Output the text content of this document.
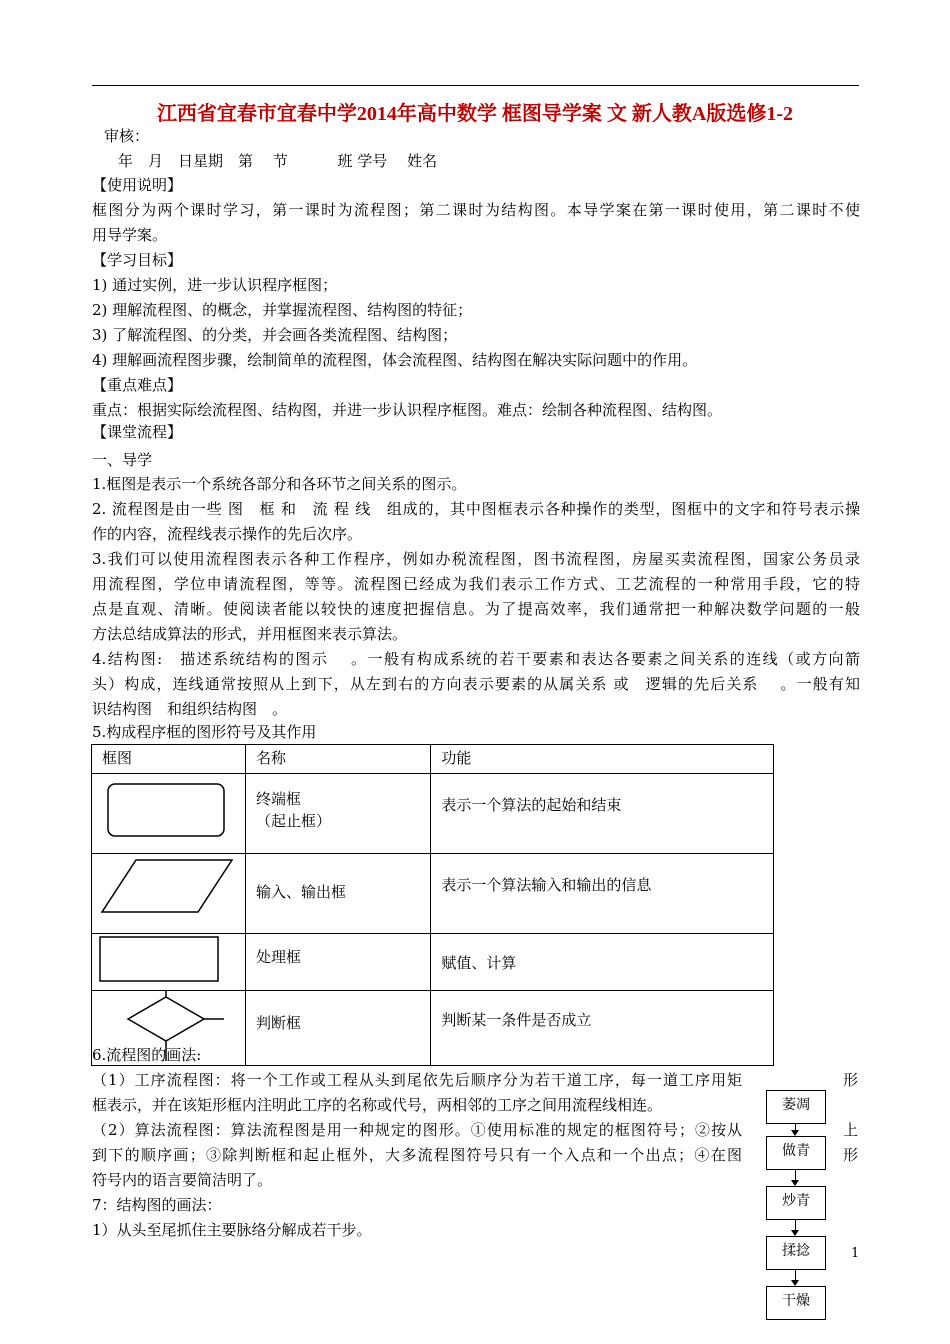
江西省宜春市宜春中学2014年高中数学 框图导学案 文 新人教A版选修1-2
审核：
年　月　日星期　第　 节　　　 班 学号　 姓名
【使用说明】
框图分为两个课时学习，第一课时为流程图；第二课时为结构图。本导学案在第一课时使用，第二课时不使
用导学案。
【学习目标】
1) 通过实例，进一步认识程序框图；
2) 理解流程图、的概念，并掌握流程图、结构图的特征；
3) 了解流程图、的分类，并会画各类流程图、结构图；
4) 理解画流程图步骤，绘制简单的流程图，体会流程图、结构图在解决实际问题中的作用。
【重点难点】
重点：根据实际绘流程图、结构图，并进一步认识程序框图。难点：绘制各种流程图、结构图。
【课堂流程】
一、导学
1.框图是表示一个系统各部分和各环节之间关系的图示。
2. 流程图是由一些 图　框 和　流 程 线　组成的，其中图框表示各种操作的类型，图框中的文字和符号表示操
作的内容，流程线表示操作的先后次序。
3.我们可以使用流程图表示各种工作程序，例如办税流程图，图书流程图，房屋买卖流程图，国家公务员录
用流程图，学位申请流程图，等等。流程图已经成为我们表示工作方式、工艺流程的一种常用手段，它的特
点是直观、清晰。使阅读者能以较快的速度把握信息。为了提高效率，我们通常把一种解决数学问题的一般
方法总结成算法的形式，并用框图来表示算法。
4.结构图:　描述系统结构的图示　 。一般有构成系统的若干要素和表达各要素之间关系的连线（或方向箭
头）构成，连线通常按照从上到下，从左到右的方向表示要素的从属关系 或　逻辑的先后关系　 。一般有知
识结构图　和组织结构图　。
5.构成程序框的图形符号及其作用
框图	名称	功能

终端框
（起止框）	表示一个算法的起始和结束

输入、输出框	表示一个算法输入和输出的信息

处理框	赋值、计算

判断框	判断某一条件是否成立
6.流程图的画法:
（1）工序流程图：将一个工作或工程从头到尾依先后顺序分为若干道工序，每一道工序用矩	形
框表示，并在该矩形框内注明此工序的名称或代号，两相邻的工序之间用流程线相连。
（2）算法流程图：算法流程图是用一种规定的图形。①使用标准的规定的框图符号；②按从	上
到下的顺序画；③除判断框和起止框外，大多流程图符号只有一个入点和一个出点；④在图	形
符号内的语言要简洁明了。
7：结构图的画法：
1）从头至尾抓住主要脉络分解成若干步。
萎凋
做青
炒青
揉捻
干燥
1
